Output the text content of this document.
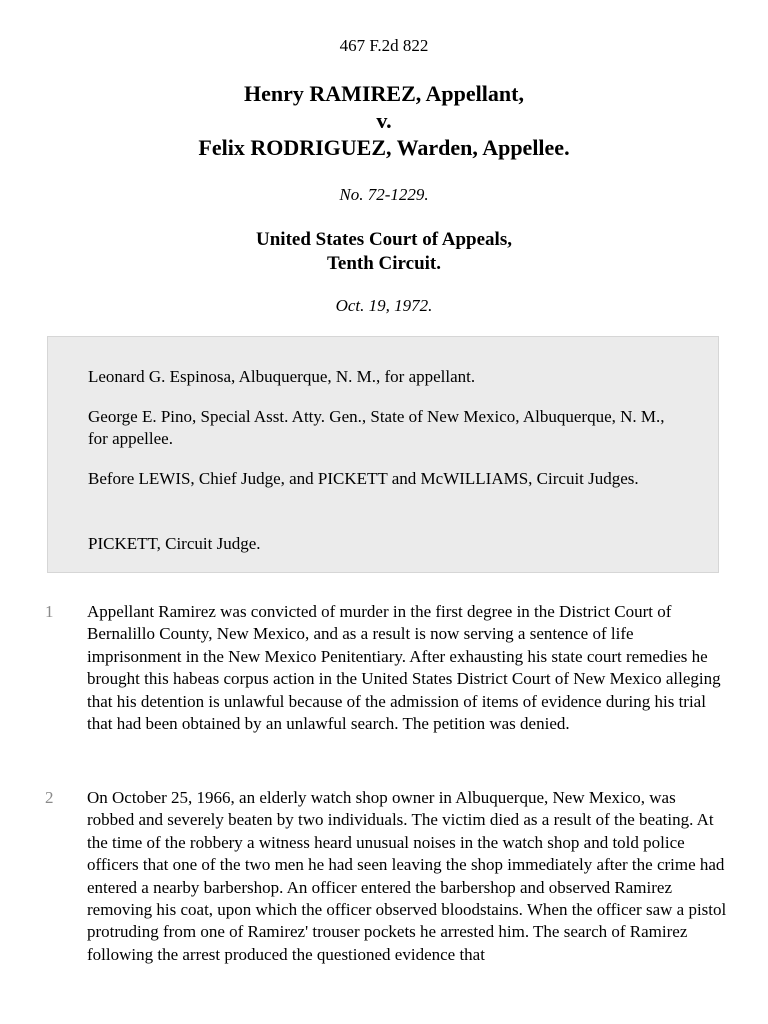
467 F.2d 822
Henry RAMIREZ, Appellant,
v.
Felix RODRIGUEZ, Warden, Appellee.
No. 72-1229.
United States Court of Appeals,
Tenth Circuit.
Oct. 19, 1972.

Leonard G. Espinosa, Albuquerque, N. M., for appellant.

George E. Pino, Special Asst. Atty. Gen., State of New Mexico, Albuquerque, N. M., for appellee.

Before LEWIS, Chief Judge, and PICKETT and McWILLIAMS, Circuit Judges.

PICKETT, Circuit Judge.

1 Appellant Ramirez was convicted of murder in the first degree in the District Court of Bernalillo County, New Mexico, and as a result is now serving a sentence of life imprisonment in the New Mexico Penitentiary. After exhausting his state court remedies he brought this habeas corpus action in the United States District Court of New Mexico alleging that his detention is unlawful because of the admission of items of evidence during his trial that had been obtained by an unlawful search. The petition was denied.

2 On October 25, 1966, an elderly watch shop owner in Albuquerque, New Mexico, was robbed and severely beaten by two individuals. The victim died as a result of the beating. At the time of the robbery a witness heard unusual noises in the watch shop and told police officers that one of the two men he had seen leaving the shop immediately after the crime had entered a nearby barbershop. An officer entered the barbershop and observed Ramirez removing his coat, upon which the officer observed bloodstains. When the officer saw a pistol protruding from one of Ramirez' trouser pockets he arrested him. The search of Ramirez following the arrest produced the questioned evidence that
